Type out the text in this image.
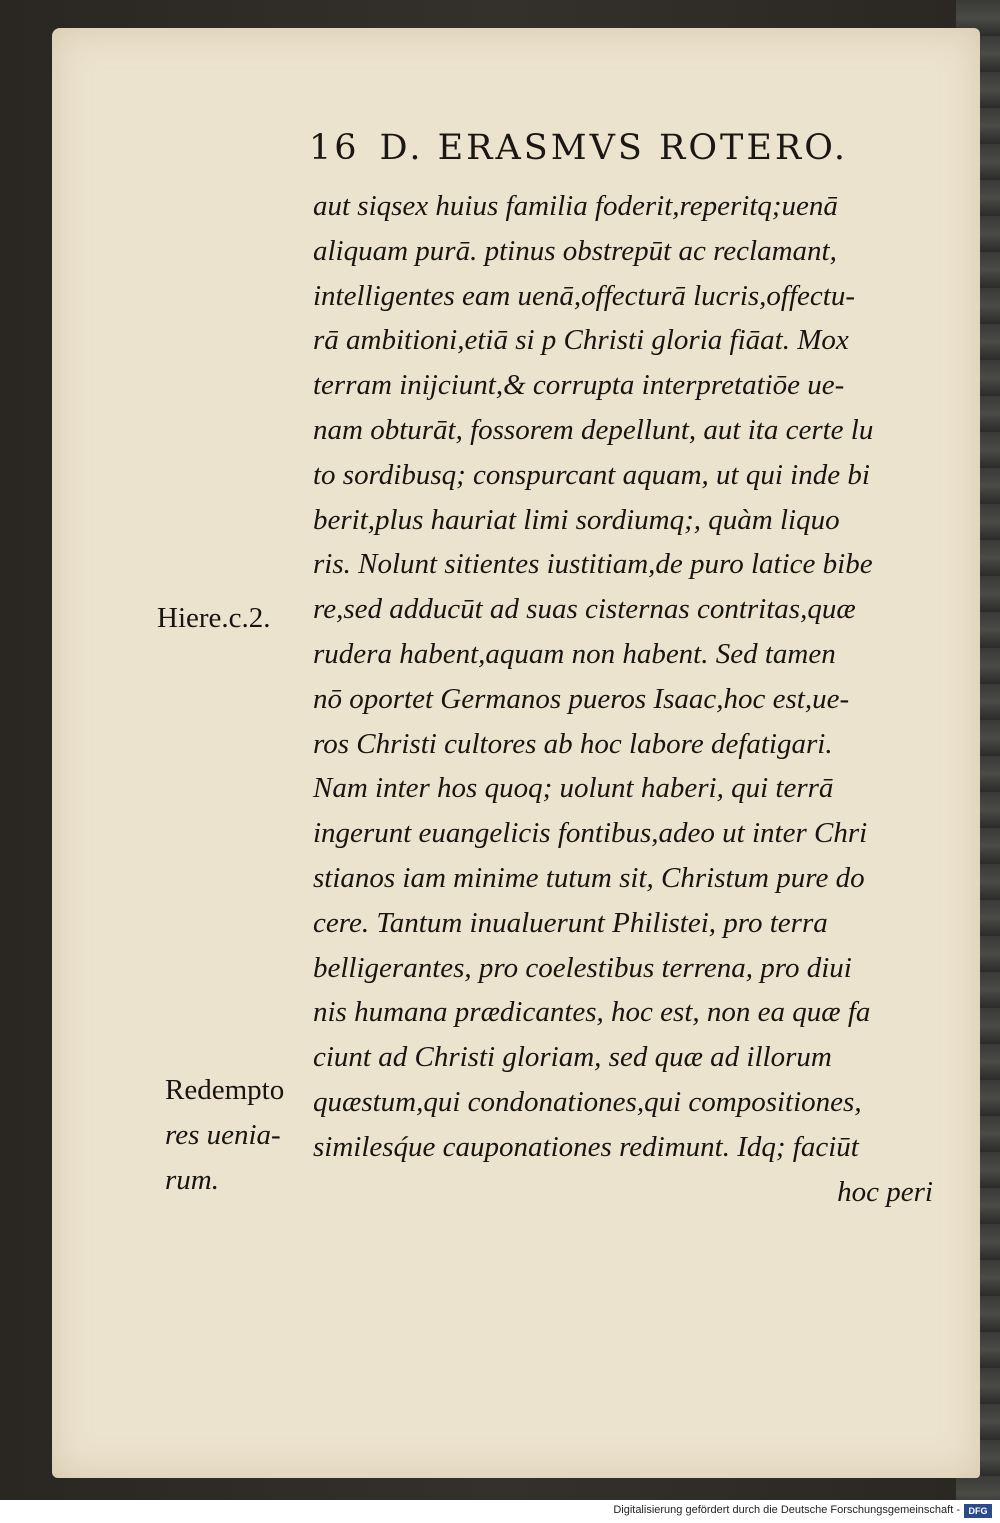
16 D. ERASMVS ROTERO.
aut siqsex huius familia foderit,reperitq;uenā
aliquam purā. ptinus obstrepūt ac reclamant,
intelligentes eam uenā,offecturā lucris,offectu-
rā ambitioni,etiā si p Christi gloria fiāat. Mox
terram inijciunt,& corrupta interpretatiōe ue-
nam obturāt, fossorem depellunt, aut ita certe lu
to sordibusq; conspurcant aquam, ut qui inde bi
berit,plus hauriat limi sordiumq;, quàm liquo
ris. Nolunt sitientes iustitiam,de puro latice bibe
re,sed adducūt ad suas cisternas contritas,quæ
rudera habent,aquam non habent. Sed tamen
nō oportet Germanos pueros Isaac,hoc est,ue-
ros Christi cultores ab hoc labore defatigari.
Nam inter hos quoq; uolunt haberi, qui terrā
ingerunt euangelicis fontibus,adeo ut inter Chri
stianos iam minime tutum sit, Christum pure do
cere. Tantum inualuerunt Philistei, pro terra
belligerantes, pro coelestibus terrena, pro diui
nis humana prædicantes, hoc est, non ea quæ fa
ciunt ad Christi gloriam, sed quæ ad illorum
quæstum,qui condonationes,qui compositiones,
similesq́ue cauponationes redimunt. Idq; faciūt
hoc peri
Hiere.c.2.
Redempto
res uenia-
rum.
Digitalisierung gefördert durch die Deutsche Forschungsgemeinschaft - DFG
